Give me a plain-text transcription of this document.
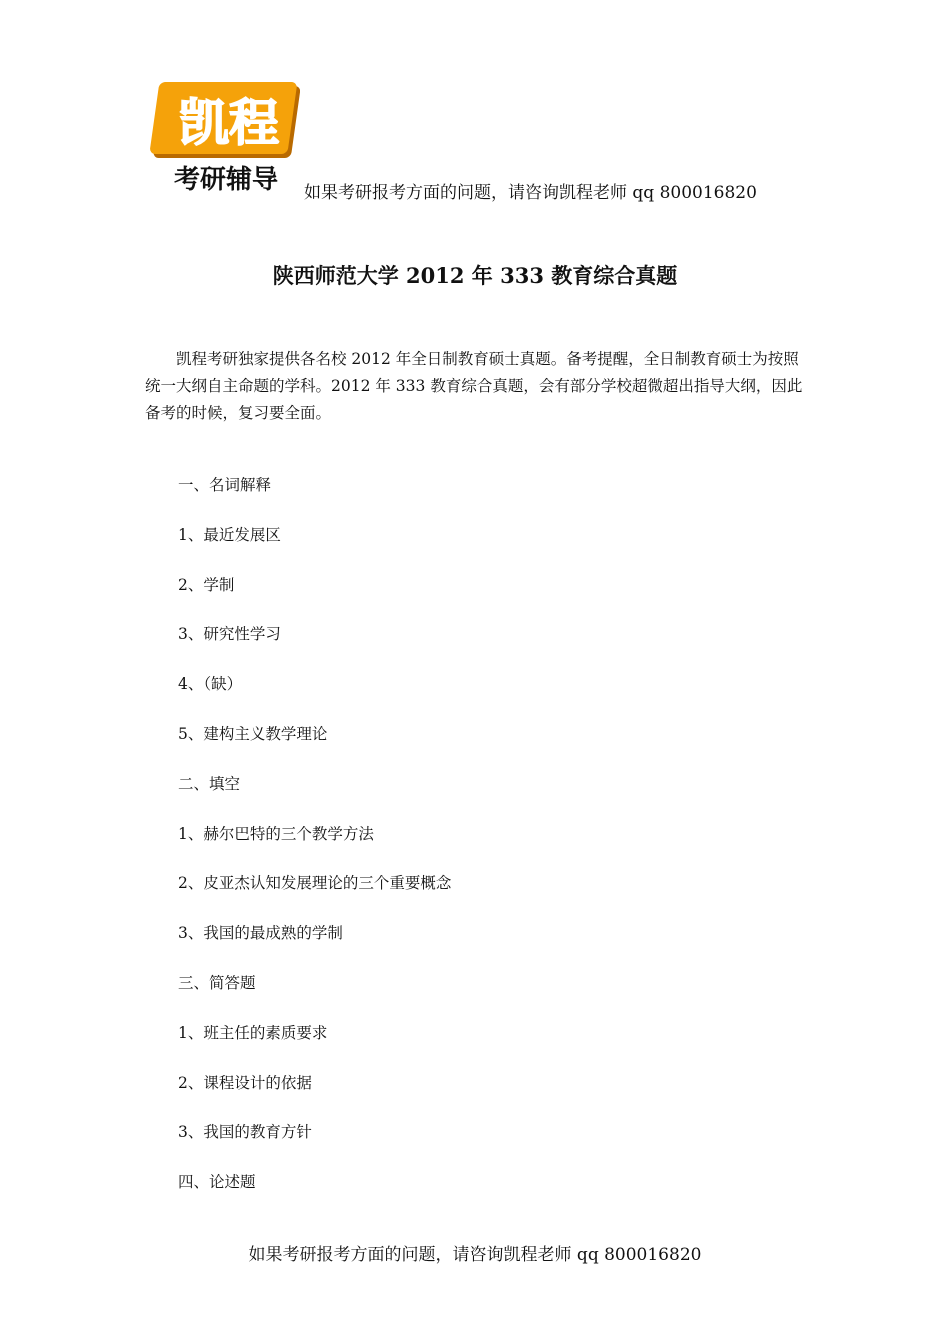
凯程
考研辅导 如果考研报考方面的问题，请咨询凯程老师 qq 800016820
陕西师范大学 2012 年 333 教育综合真题

凯程考研独家提供各名校 2012 年全日制教育硕士真题。备考提醒，全日制教育硕士为按照统一大纲自主命题的学科。2012 年 333 教育综合真题，会有部分学校超微超出指导大纲，因此备考的时候，复习要全面。

一、名词解释
1、最近发展区
2、学制
3、研究性学习
4、（缺）
5、建构主义教学理论
二、填空
1、赫尔巴特的三个教学方法
2、皮亚杰认知发展理论的三个重要概念
3、我国的最成熟的学制
三、简答题
1、班主任的素质要求
2、课程设计的依据
3、我国的教育方针
四、论述题
如果考研报考方面的问题，请咨询凯程老师 qq 800016820
